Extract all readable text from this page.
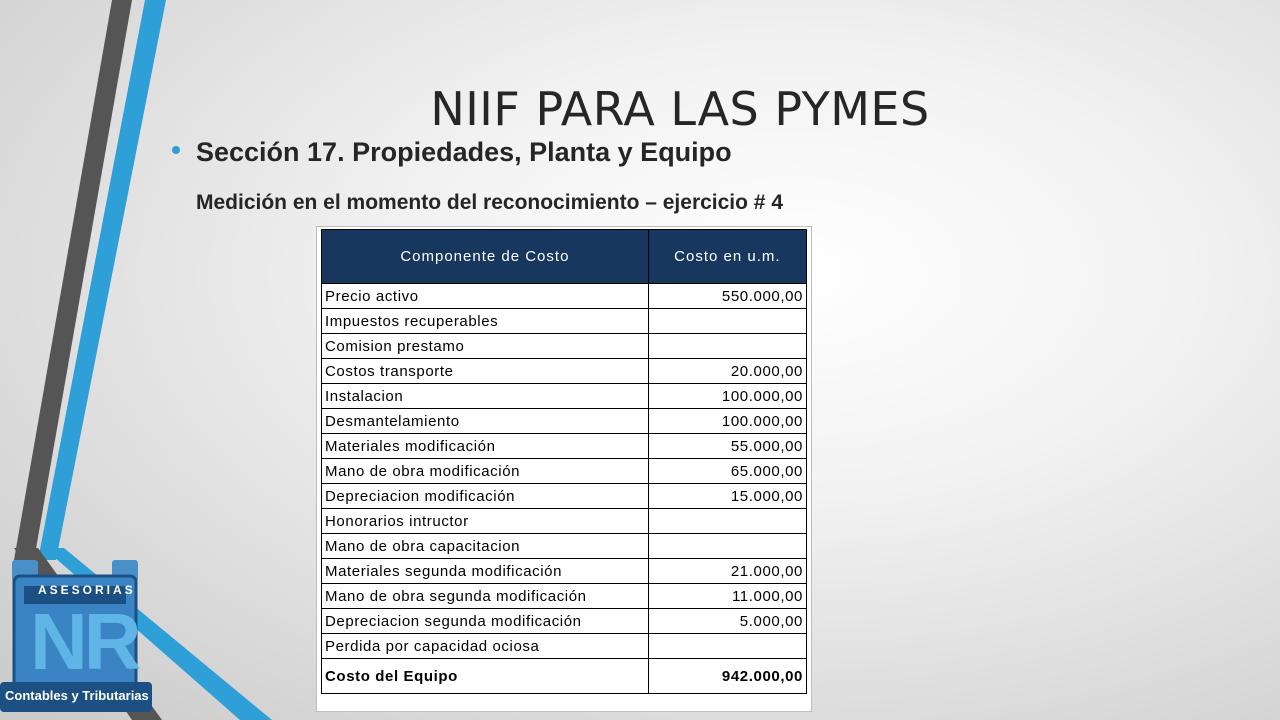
NIIF PARA LAS PYMES
Sección 17. Propiedades, Planta y Equipo
Medición en el momento del reconocimiento – ejercicio # 4
Componente de Costo	Costo en u.m.
Precio activo	550.000,00
Impuestos recuperables	
Comision prestamo	
Costos transporte	20.000,00
Instalacion	100.000,00
Desmantelamiento	100.000,00
Materiales modificación	55.000,00
Mano de obra modificación	65.000,00
Depreciacion modificación	15.000,00
Honorarios intructor	
Mano de obra capacitacion	
Materiales segunda modificación	21.000,00
Mano de obra segunda modificación	11.000,00
Depreciacion segunda modificación	5.000,00
Perdida por capacidad ociosa	
Costo del Equipo	942.000,00
ASESORIAS
NR
Contables y Tributarias
